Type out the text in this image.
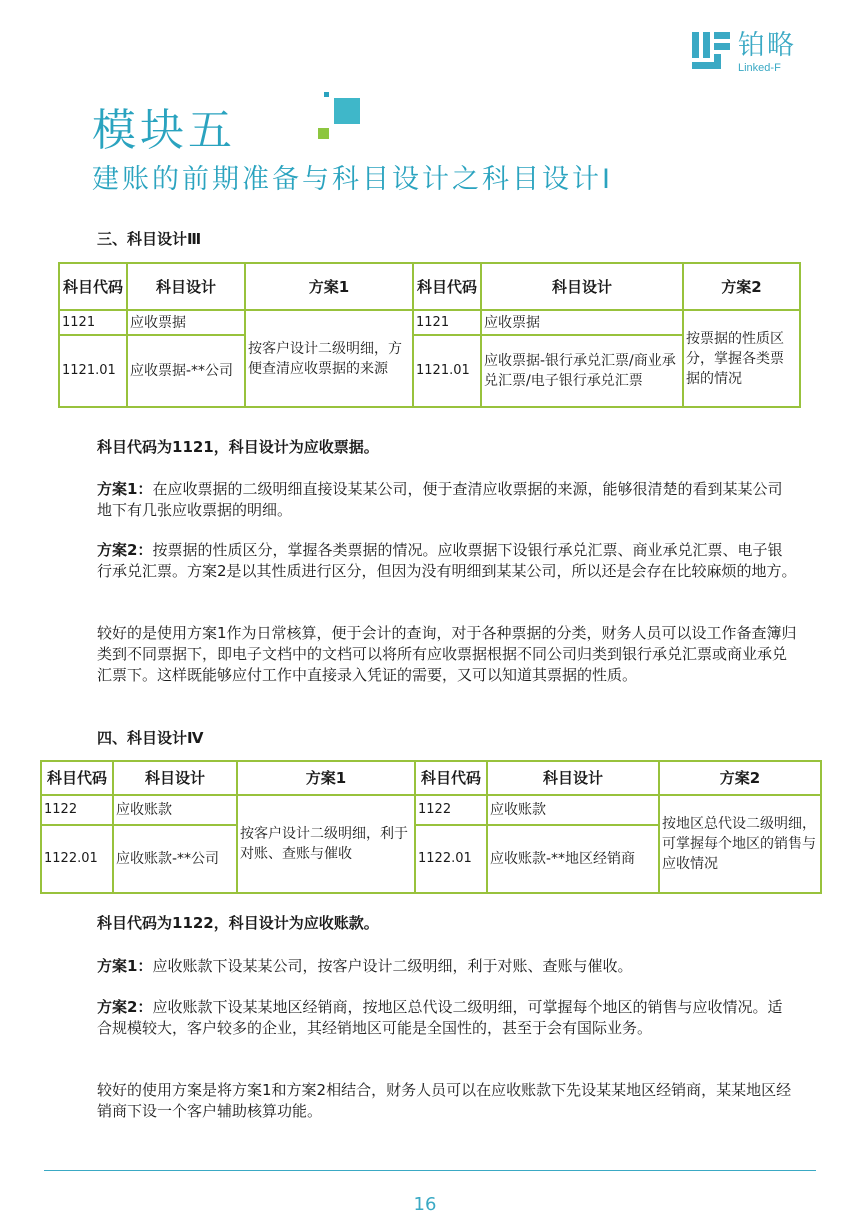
铂略
Linked-F
模块五
建账的前期准备与科目设计之科目设计Ⅰ
三、科目设计Ⅲ
科目代码	科目设计	方案1	科目代码	科目设计	方案2
1121	应收票据	按客户设计二级明细，方便查清应收票据的来源	1121	应收票据	按票据的性质区分，掌握各类票据的情况
1121.01	应收票据-**公司		1121.01	应收票据-银行承兑汇票/商业承兑汇票/电子银行承兑汇票	
科目代码为1121，科目设计为应收票据。
方案1：在应收票据的二级明细直接设某某公司，便于查清应收票据的来源，能够很清楚的看到某某公司地下有几张应收票据的明细。
方案2：按票据的性质区分，掌握各类票据的情况。应收票据下设银行承兑汇票、商业承兑汇票、电子银行承兑汇票。方案2是以其性质进行区分，但因为没有明细到某某公司，所以还是会存在比较麻烦的地方。
较好的是使用方案1作为日常核算，便于会计的查询，对于各种票据的分类，财务人员可以设工作备查簿归类到不同票据下，即电子文档中的文档可以将所有应收票据根据不同公司归类到银行承兑汇票或商业承兑汇票下。这样既能够应付工作中直接录入凭证的需要，又可以知道其票据的性质。
四、科目设计Ⅳ
科目代码	科目设计	方案1	科目代码	科目设计	方案2
1122	应收账款	按客户设计二级明细，利于对账、查账与催收	1122	应收账款	按地区总代设二级明细，可掌握每个地区的销售与应收情况
1122.01	应收账款-**公司		1122.01	应收账款-**地区经销商	
科目代码为1122，科目设计为应收账款。
方案1：应收账款下设某某公司，按客户设计二级明细，利于对账、查账与催收。
方案2：应收账款下设某某地区经销商，按地区总代设二级明细，可掌握每个地区的销售与应收情况。适合规模较大，客户较多的企业，其经销地区可能是全国性的，甚至于会有国际业务。
较好的使用方案是将方案1和方案2相结合，财务人员可以在应收账款下先设某某地区经销商，某某地区经销商下设一个客户辅助核算功能。
16
